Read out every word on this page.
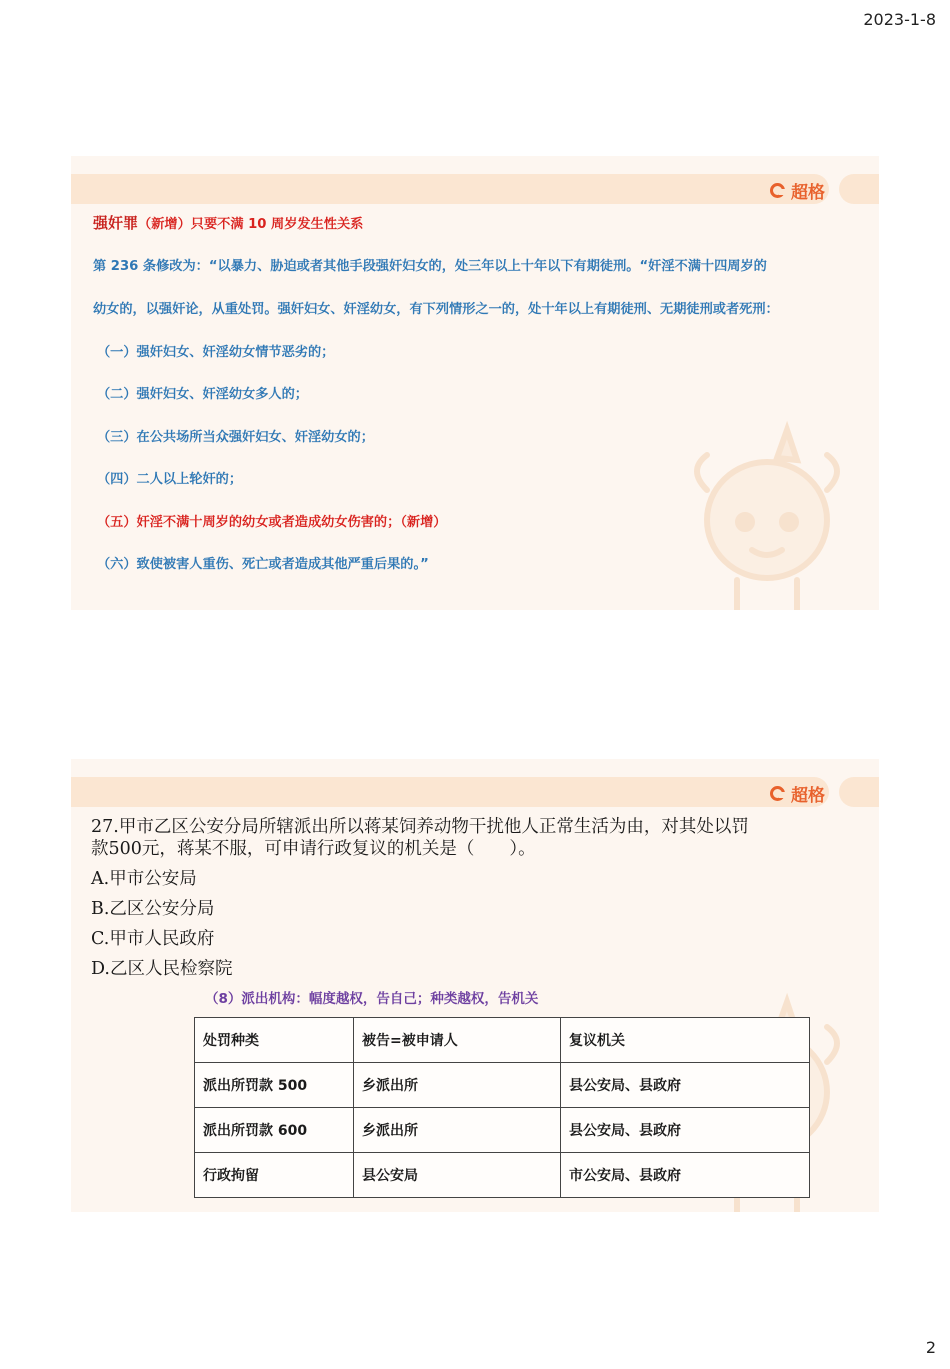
2023-1-8
超格
强奸罪（新增）只要不满 10 周岁发生性关系
第 236 条修改为：“以暴力、胁迫或者其他手段强奸妇女的，处三年以上十年以下有期徒刑。“奸淫不满十四周岁的
幼女的，以强奸论，从重处罚。强奸妇女、奸淫幼女，有下列情形之一的，处十年以上有期徒刑、无期徒刑或者死刑：
（一）强奸妇女、奸淫幼女情节恶劣的；
（二）强奸妇女、奸淫幼女多人的；
（三）在公共场所当众强奸妇女、奸淫幼女的；
（四）二人以上轮奸的；
（五）奸淫不满十周岁的幼女或者造成幼女伤害的；（新增）
（六）致使被害人重伤、死亡或者造成其他严重后果的。”
超格
27.甲市乙区公安分局所辖派出所以蒋某饲养动物干扰他人正常生活为由，对其处以罚
款500元，蒋某不服，可申请行政复议的机关是（　　）。
A.甲市公安局
B.乙区公安分局
C.甲市人民政府
D.乙区人民检察院
（8）派出机构：幅度越权，告自己；种类越权，告机关
处罚种类	被告=被申请人	复议机关
派出所罚款 500	乡派出所	县公安局、县政府
派出所罚款 600	乡派出所	县公安局、县政府
行政拘留	县公安局	市公安局、县政府
2
